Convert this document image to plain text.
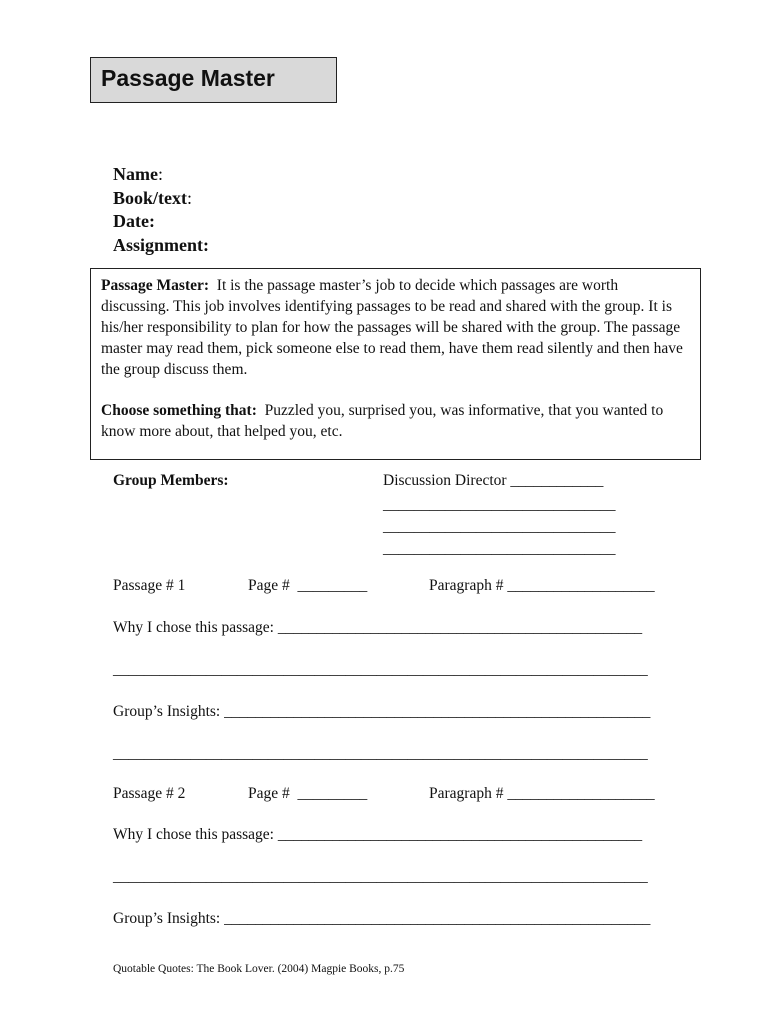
Passage Master
Name:
Book/text:
Date:
Assignment:

Passage Master: It is the passage master’s job to decide which passages are worth discussing. This job involves identifying passages to be read and shared with the group. It is his/her responsibility to plan for how the passages will be shared with the group. The passage master may read them, pick someone else to read them, have them read silently and then have the group discuss them.

Choose something that: Puzzled you, surprised you, was informative, that you wanted to know more about, that helped you, etc.

Group Members:	Discussion Director ____________
______________________________
______________________________
______________________________
Passage # 1	Page # _________	Paragraph # ___________________
Why I chose this passage: _______________________________________________
_____________________________________________________________________
Group’s Insights: _______________________________________________________
_____________________________________________________________________
Passage # 2	Page # _________	Paragraph # ___________________
Why I chose this passage: _______________________________________________
_____________________________________________________________________
Group’s Insights: _______________________________________________________
Quotable Quotes: The Book Lover. (2004) Magpie Books, p.75
